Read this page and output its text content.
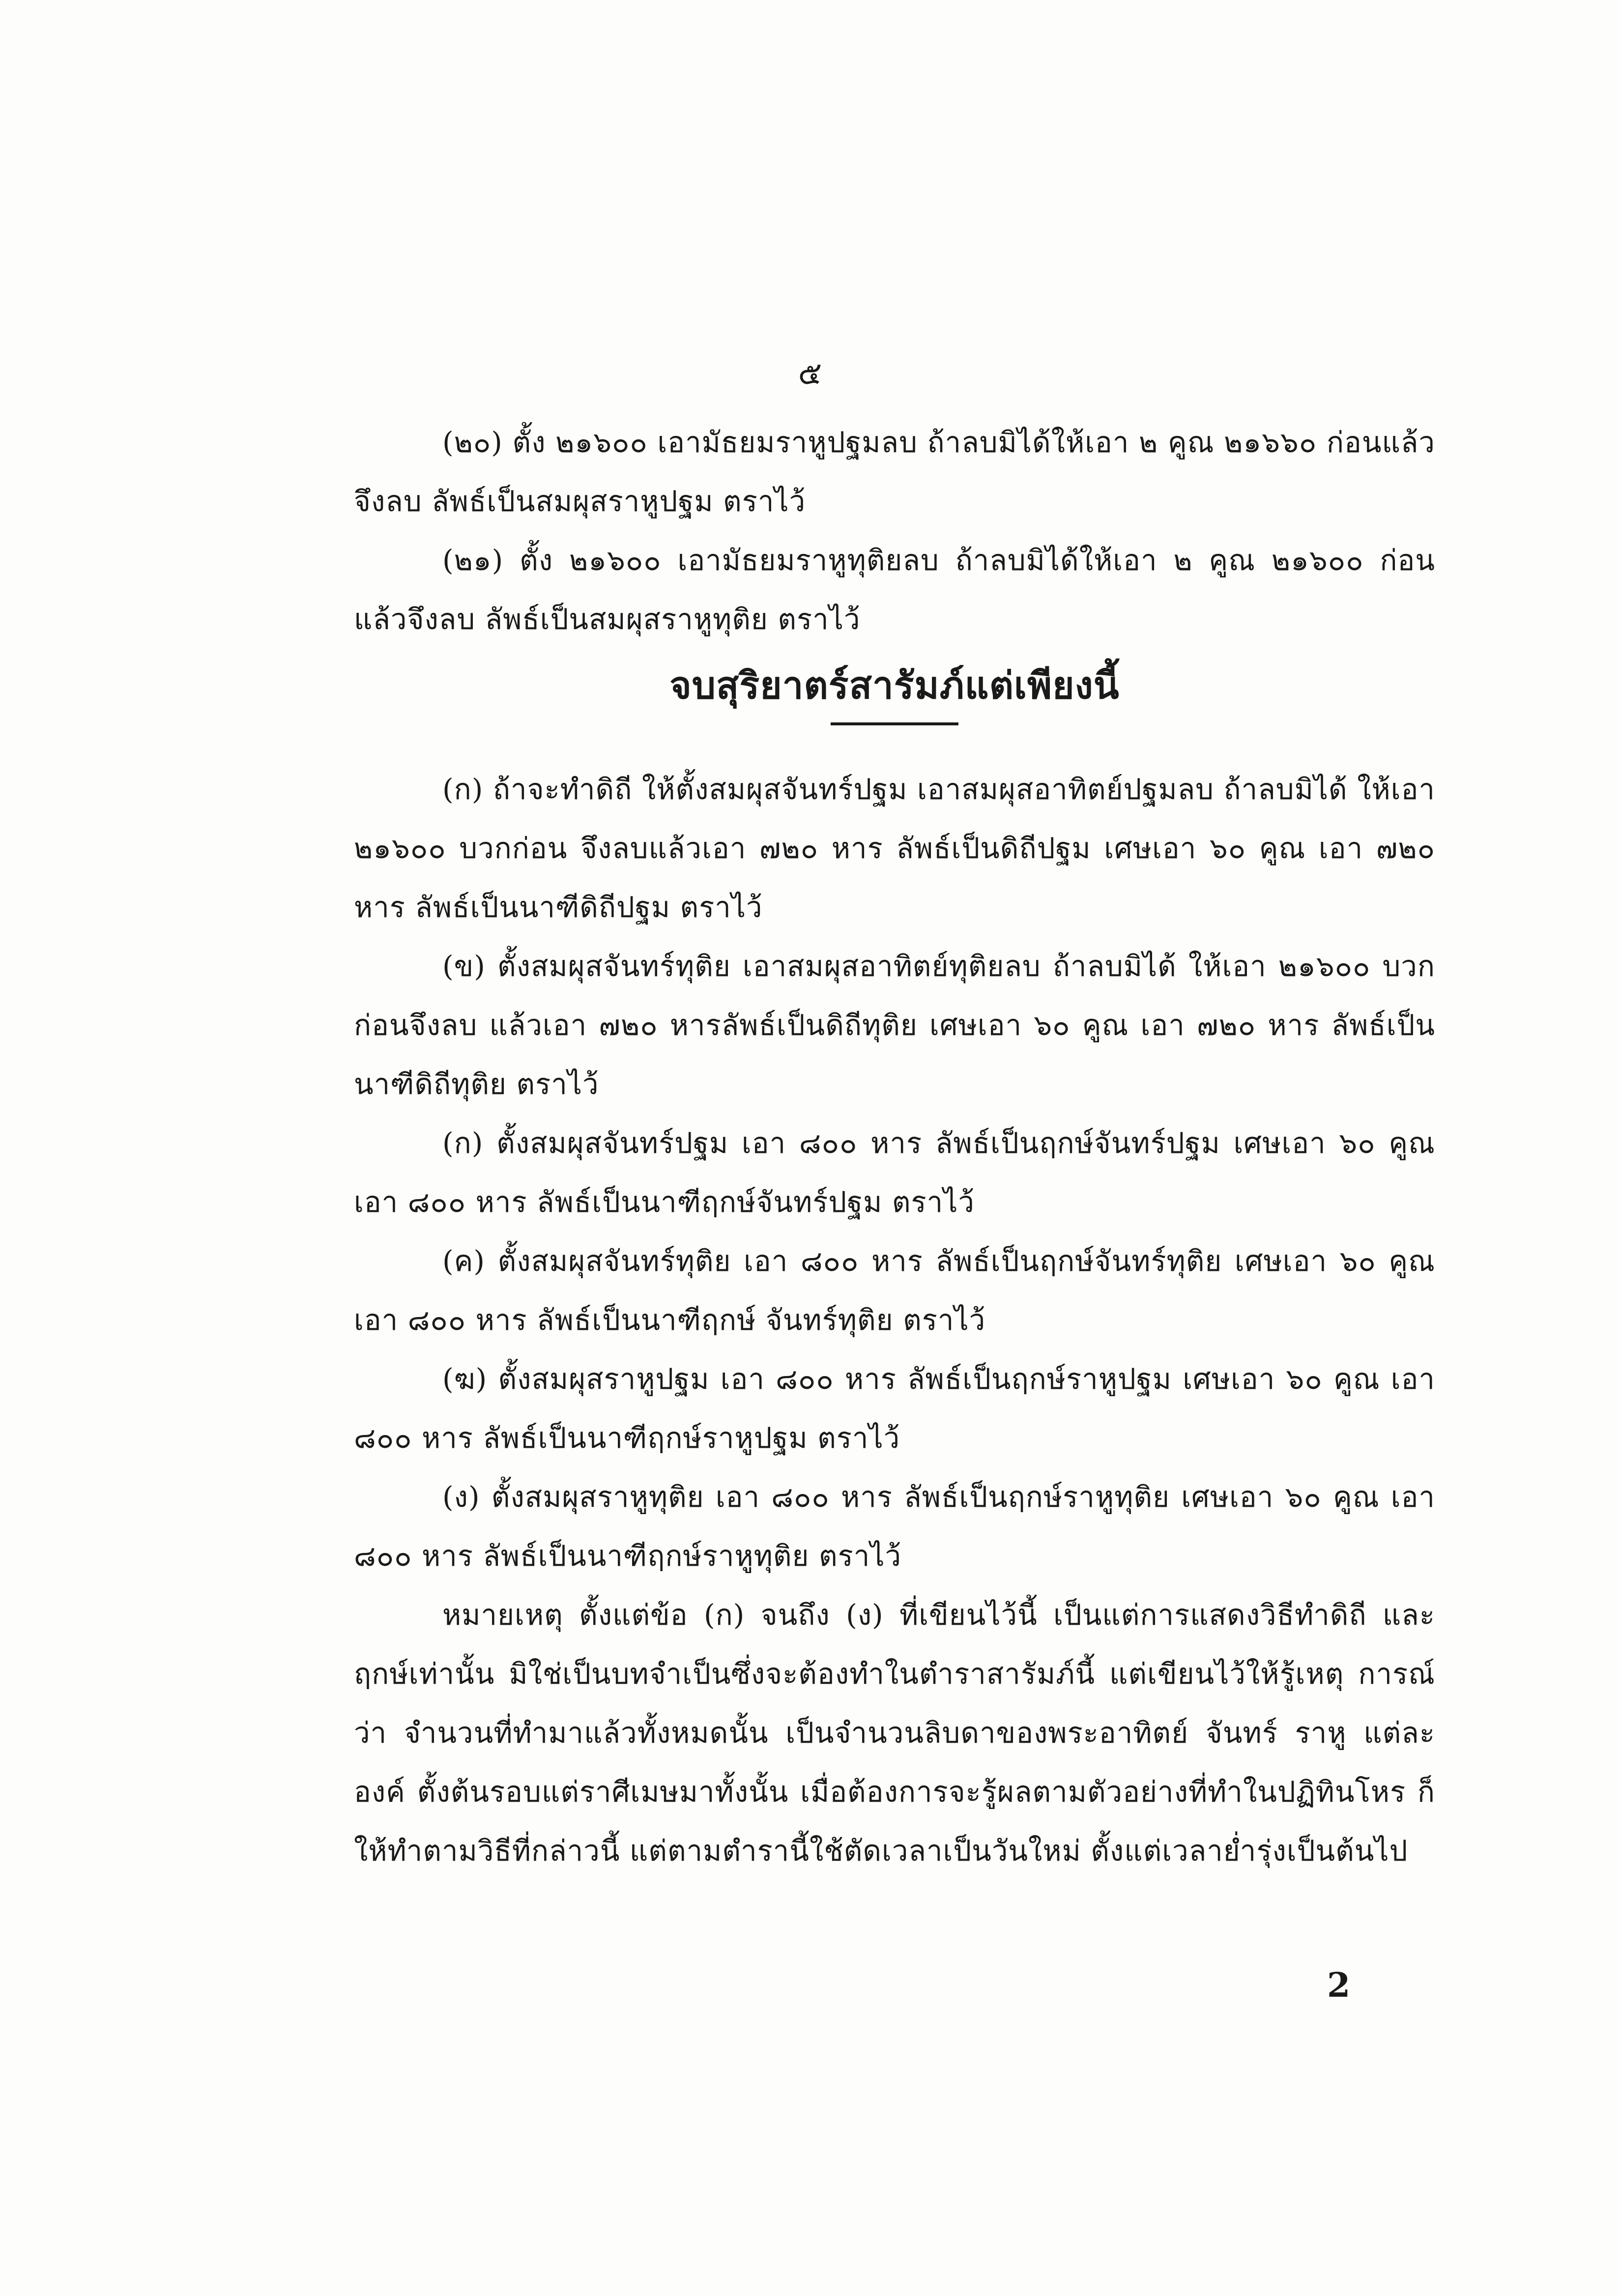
๕

(๒๐) ตั้ง ๒๑๖๐๐ เอามัธยมราหูปฐมลบ ถ้าลบมิได้ให้เอา ๒ คูณ ๒๑๖๖๐ ก่อนแล้วจึงลบ ลัพธ์เป็นสมผุสราหูปฐม ตราไว้

(๒๑) ตั้ง ๒๑๖๐๐ เอามัธยมราหูทุติยลบ ถ้าลบมิได้ให้เอา ๒ คูณ ๒๑๖๐๐ ก่อน แล้วจึงลบ ลัพธ์เป็นสมผุสราหูทุติย ตราไว้

จบสุริยาตร์สารัมภ์แต่เพียงนี้

(ก) ถ้าจะทำดิถี ให้ตั้งสมผุสจันทร์ปฐม เอาสมผุสอาทิตย์ปฐมลบ ถ้าลบมิได้ ให้เอา ๒๑๖๐๐ บวกก่อน จึงลบแล้วเอา ๗๒๐ หาร ลัพธ์เป็นดิถีปฐม เศษเอา ๖๐ คูณ เอา ๗๒๐ หาร ลัพธ์เป็นนาฑีดิถีปฐม ตราไว้

(ข) ตั้งสมผุสจันทร์ทุติย เอาสมผุสอาทิตย์ทุติยลบ ถ้าลบมิได้ ให้เอา ๒๑๖๐๐ บวกก่อนจึงลบ แล้วเอา ๗๒๐ หารลัพธ์เป็นดิถีทุติย เศษเอา ๖๐ คูณ เอา ๗๒๐ หาร ลัพธ์เป็นนาฑีดิถีทุติย ตราไว้

(ก) ตั้งสมผุสจันทร์ปฐม เอา ๘๐๐ หาร ลัพธ์เป็นฤกษ์จันทร์ปฐม เศษเอา ๖๐ คูณ เอา ๘๐๐ หาร ลัพธ์เป็นนาฑีฤกษ์จันทร์ปฐม ตราไว้

(ค) ตั้งสมผุสจันทร์ทุติย เอา ๘๐๐ หาร ลัพธ์เป็นฤกษ์จันทร์ทุติย เศษเอา ๖๐ คูณ เอา ๘๐๐ หาร ลัพธ์เป็นนาฑีฤกษ์ จันทร์ทุติย ตราไว้

(ฆ) ตั้งสมผุสราหูปฐม เอา ๘๐๐ หาร ลัพธ์เป็นฤกษ์ราหูปฐม เศษเอา ๖๐ คูณ เอา ๘๐๐ หาร ลัพธ์เป็นนาฑีฤกษ์ราหูปฐม ตราไว้

(ง) ตั้งสมผุสราหูทุติย เอา ๘๐๐ หาร ลัพธ์เป็นฤกษ์ราหูทุติย เศษเอา ๖๐ คูณ เอา ๘๐๐ หาร ลัพธ์เป็นนาฑีฤกษ์ราหูทุติย ตราไว้

หมายเหตุ ตั้งแต่ข้อ (ก) จนถึง (ง) ที่เขียนไว้นี้ เป็นแต่การแสดงวิธีทำดิถี และฤกษ์เท่านั้น มิใช่เป็นบทจำเป็นซึ่งจะต้องทำในตำราสารัมภ์นี้ แต่เขียนไว้ให้รู้เหตุ การณ์ว่า จำนวนที่ทำมาแล้วทั้งหมดนั้น เป็นจำนวนลิบดาของพระอาทิตย์ จันทร์ ราหู แต่ละองค์ ตั้งต้นรอบแต่ราศีเมษมาทั้งนั้น เมื่อต้องการจะรู้ผลตามตัวอย่างที่ทำในปฏิทินโหร ก็ให้ทำตามวิธีที่กล่าวนี้ แต่ตามตำรานี้ใช้ตัดเวลาเป็นวันใหม่ ตั้งแต่เวลาย่ำรุ่งเป็นต้นไป

2
